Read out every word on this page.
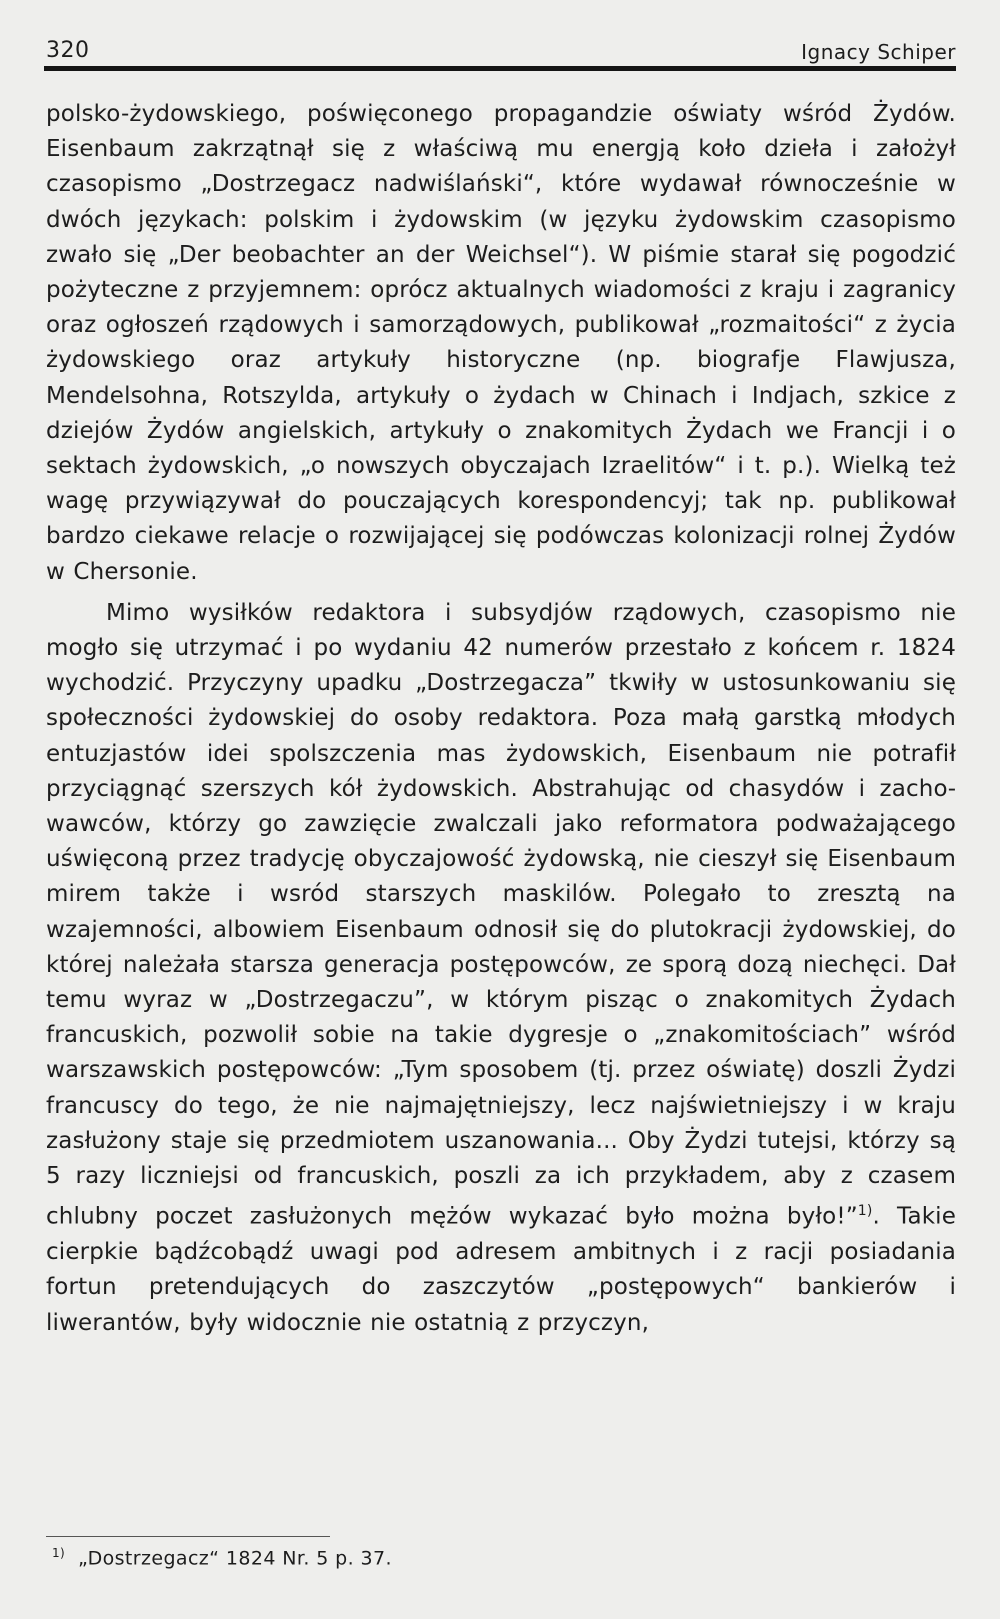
320	Ignacy Schiper

polsko-żydowskiego, poświęconego propagandzie oświaty wśród Żydów. Eisenbaum zakrzątnął się z właściwą mu energją koło dzieła i założył czasopismo „Dostrzegacz nadwiślański“, które wydawał równocześnie w dwóch językach: polskim i żydowskim (w języku żydowskim czasopismo zwało się „Der beobachter an der Weichsel“). W piśmie starał się pogodzić pożyteczne z przyjemnem: oprócz aktualnych wiadomości z kraju i zagranicy oraz ogłoszeń rządowych i samorządowych, publikował „rozmaitości“ z życia żydowskiego oraz artykuły historyczne (np. biografje Flawjusza, Mendelsohna, Rotszylda, artykuły o żydach w Chinach i Indjach, szkice z dziejów Żydów angielskich, artykuły o znakomitych Żydach we Francji i o sektach żydowskich, „o nowszych obyczajach Izraelitów“ i t. p.). Wielką też wagę przywiązywał do pouczających korespondencyj; tak np. publikował bardzo ciekawe relacje o rozwijającej się podówczas kolonizacji rolnej Żydów w Chersonie.

Mimo wysiłków redaktora i subsydjów rządowych, czasopismo nie mogło się utrzymać i po wydaniu 42 numerów przestało z końcem r. 1824 wychodzić. Przyczyny upadku „Dostrzegacza” tkwiły w ustosunkowaniu się społeczności żydowskiej do osoby redaktora. Poza małą garstką młodych entuzjastów idei spolszczenia mas żydowskich, Eisenbaum nie potrafił przyciągnąć szerszych kół żydowskich. Abstrahując od chasydów i zachowawców, którzy go zawzięcie zwalczali jako reformatora podważającego uświęconą przez tradycję obyczajowość żydowską, nie cieszył się Eisenbaum mirem także i wsród starszych maskilów. Polegało to zresztą na wzajemności, albowiem Eisenbaum odnosił się do plutokracji żydowskiej, do której należała starsza generacja postępowców, ze sporą dozą niechęci. Dał temu wyraz w „Dostrzegaczu”, w którym pisząc o znakomitych Żydach francuskich, pozwolił sobie na takie dygresje o „znakomitościach” wśród warszawskich postępowców: „Tym sposobem (tj. przez oświatę) doszli Żydzi francuscy do tego, że nie najmajętniejszy, lecz najświetniejszy i w kraju zasłużony staje się przedmiotem uszanowania... Oby Żydzi tutejsi, którzy są 5 razy liczniejsi od francuskich, poszli za ich przykładem, aby z czasem chlubny poczet zasłużonych mężów wykazać było można było!”$^{1)}$. Takie cierpkie bądźcobądź uwagi pod adresem ambitnych i z racji posiadania fortun pretendujących do zaszczytów „postępowych“ bankierów i liwerantów, były widocznie nie ostatnią z przyczyn,

$^{1)}$ „Dostrzegacz“ 1824 Nr. 5 p. 37.
